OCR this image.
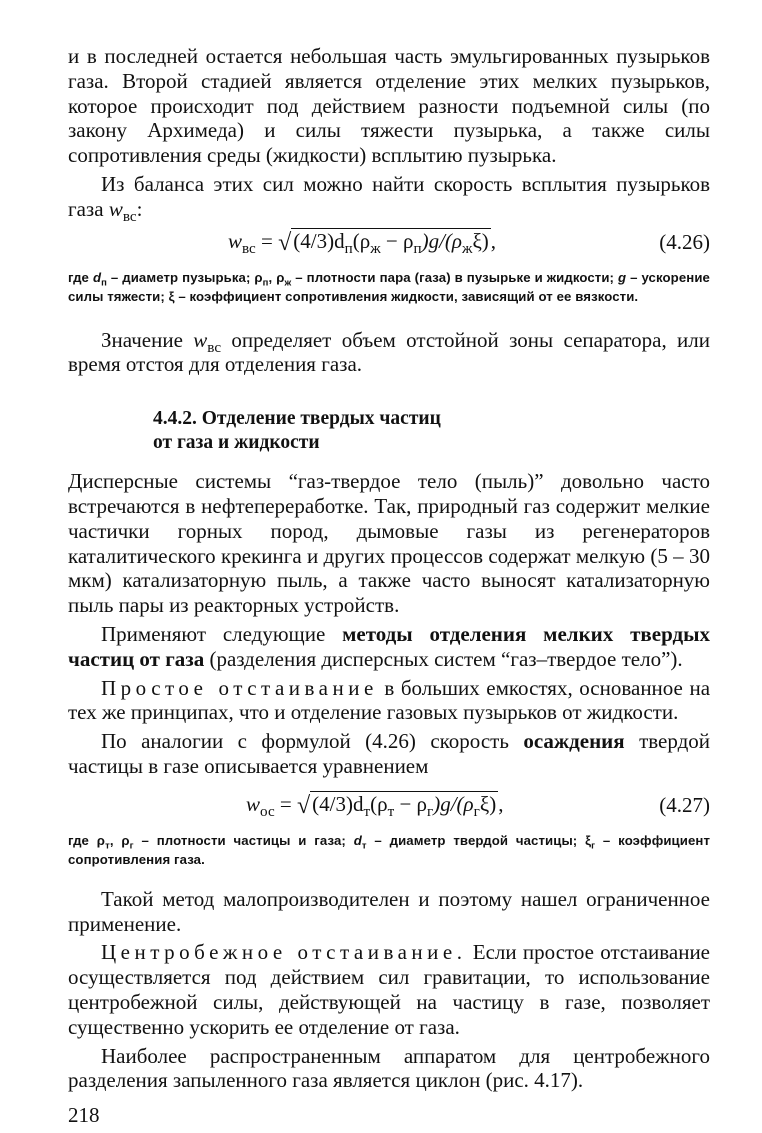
и в последней остается небольшая часть эмульгированных пузырьков газа. Второй стадией является отделение этих мелких пузырьков, которое происходит под действием разности подъемной силы (по закону Архимеда) и силы тяжести пузырька, а также силы сопротивления среды (жидкости) всплытию пузырька.

Из баланса этих сил можно найти скорость всплытия пузырьков газа $w_{вс}$:

$w_{вс} = √(4/3)d_п(\rho_ж - \rho_п)g/(\rho_ж\xi)$,	(4.26)

где $d_п$ – диаметр пузырька; $\rho_п$, $\rho_ж$ – плотности пара (газа) в пузырьке и жидкости; g – ускорение силы тяжести; ξ – коэффициент сопротивления жидкости, зависящий от ее вязкости.

Значение $w_{вс}$ определяет объем отстойной зоны сепаратора, или время отстоя для отделения газа.

4.4.2. Отделение твердых частиц
от газа и жидкости

Дисперсные системы “газ-твердое тело (пыль)” довольно часто встречаются в нефтепереработке. Так, природный газ содержит мелкие частички горных пород, дымовые газы из регенераторов каталитического крекинга и других процессов содержат мелкую (5 – 30 мкм) катализаторную пыль, а также часто выносят катализаторную пыль пары из реакторных устройств.

Применяют следующие методы отделения мелких твердых частиц от газа (разделения дисперсных систем “газ–твердое тело”).

Простое отстаивание в больших емкостях, основанное на тех же принципах, что и отделение газовых пузырьков от жидкости.

По аналогии с формулой (4.26) скорость осаждения твердой частицы в газе описывается уравнением

$w_{ос} = √(4/3)d_т(\rho_т - \rho_г)g/(\rho_г\xi)$,	(4.27)

где $\rho_т$, $\rho_г$ – плотности частицы и газа; $d_т$ – диаметр твердой частицы; $\xi_г$ – коэффициент сопротивления газа.

Такой метод малопроизводителен и поэтому нашел ограниченное применение.

Центробежное отстаивание. Если простое отстаивание осуществляется под действием сил гравитации, то использование центробежной силы, действующей на частицу в газе, позволяет существенно ускорить ее отделение от газа.

Наиболее распространенным аппаратом для центробежного разделения запыленного газа является циклон (рис. 4.17).

218
